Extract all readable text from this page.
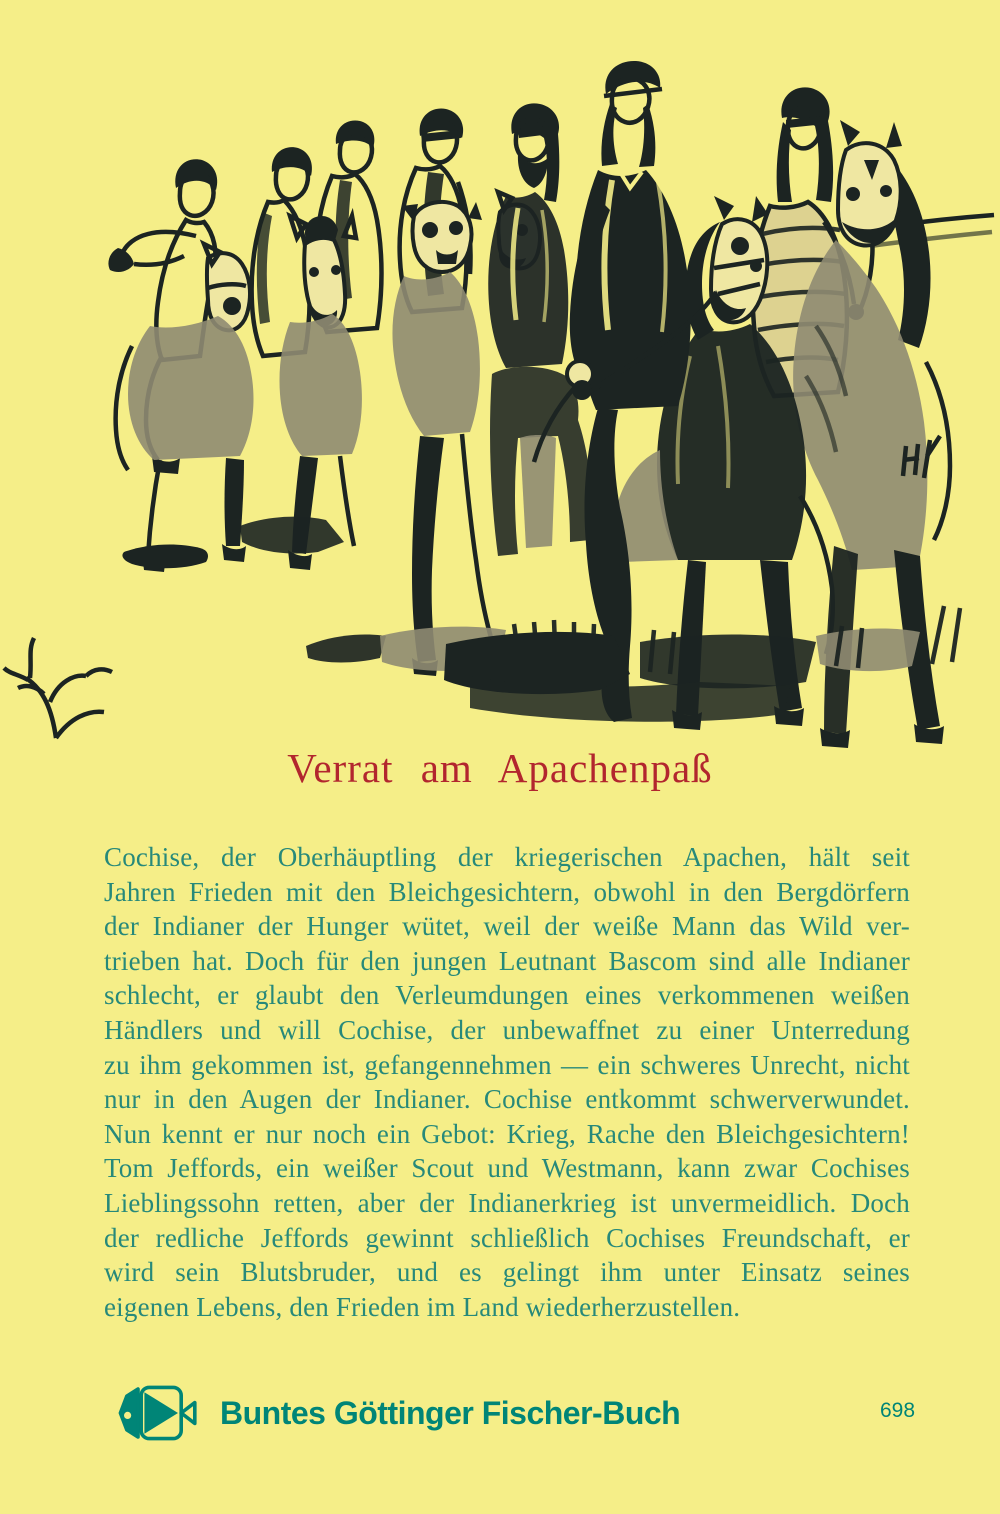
Verrat am Apachenpaß
Cochise, der Oberhäuptling der kriegerischen Apachen, hält seit
Jahren Frieden mit den Bleichgesichtern, obwohl in den Bergdörfern
der Indianer der Hunger wütet, weil der weiße Mann das Wild ver-
trieben hat. Doch für den jungen Leutnant Bascom sind alle Indianer
schlecht, er glaubt den Verleumdungen eines verkommenen weißen
Händlers und will Cochise, der unbewaffnet zu einer Unterredung
zu ihm gekommen ist, gefangennehmen — ein schweres Unrecht, nicht
nur in den Augen der Indianer. Cochise entkommt schwerverwundet.
Nun kennt er nur noch ein Gebot: Krieg, Rache den Bleichgesichtern!
Tom Jeffords, ein weißer Scout und Westmann, kann zwar Cochises
Lieblingssohn retten, aber der Indianerkrieg ist unvermeidlich. Doch
der redliche Jeffords gewinnt schließlich Cochises Freundschaft, er
wird sein Blutsbruder, und es gelingt ihm unter Einsatz seines
eigenen Lebens, den Frieden im Land wiederherzustellen.
Buntes Göttinger Fischer-Buch	698
